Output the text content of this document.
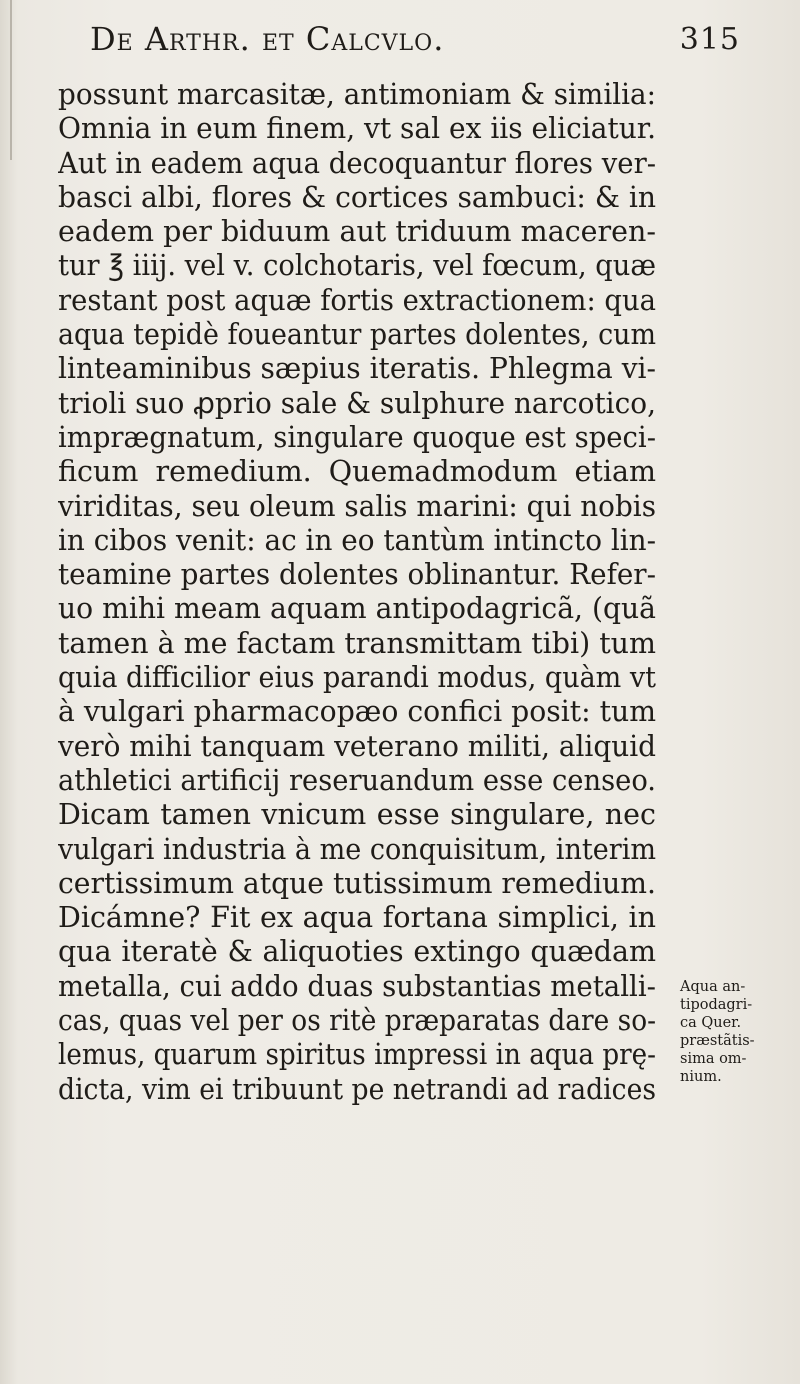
De Arthr. et Calcvlo.	315
possunt marcasitæ, antimoniam & similia:
Omnia in eum finem, vt sal ex iis eliciatur.
Aut in eadem aqua decoquantur flores ver-
basci albi, flores & cortices sambuci: & in
eadem per biduum aut triduum maceren-
tur ℥ iiij. vel v. colchotaris, vel fœcum, quæ
restant post aquæ fortis extractionem: qua
aqua tepidè foueantur partes dolentes, cum
linteaminibus sæpius iteratis. Phlegma vi-
trioli suo ꝓprio sale & sulphure narcotico,
imprægnatum, singulare quoque est speci-
ficum remedium. Quemadmodum etiam
viriditas, seu oleum salis marini: qui nobis
in cibos venit: ac in eo tantùm intincto lin-
teamine partes dolentes oblinantur. Refer-
uo mihi meam aquam antipodagricã, (quã
tamen à me factam transmittam tibi) tum
quia difficilior eius parandi modus, quàm vt
à vulgari pharmacopæo confici posit: tum
verò mihi tanquam veterano militi, aliquid
athletici artificij reseruandum esse censeo.
Dicam tamen vnicum esse singulare, nec
vulgari industria à me conquisitum, interim
certissimum atque tutissimum remedium.
Dicámne? Fit ex aqua fortana simplici, in
qua iteratè & aliquoties extingo quædam
metalla, cui addo duas substantias metalli-
cas, quas vel per os ritè præparatas dare so-
lemus, quarum spiritus impressi in aqua prę-
dicta, vim ei tribuunt pe netrandi ad radices
Aqua an-
tipodagri-
ca Quer.
præstãtis-
sima om-
nium.
